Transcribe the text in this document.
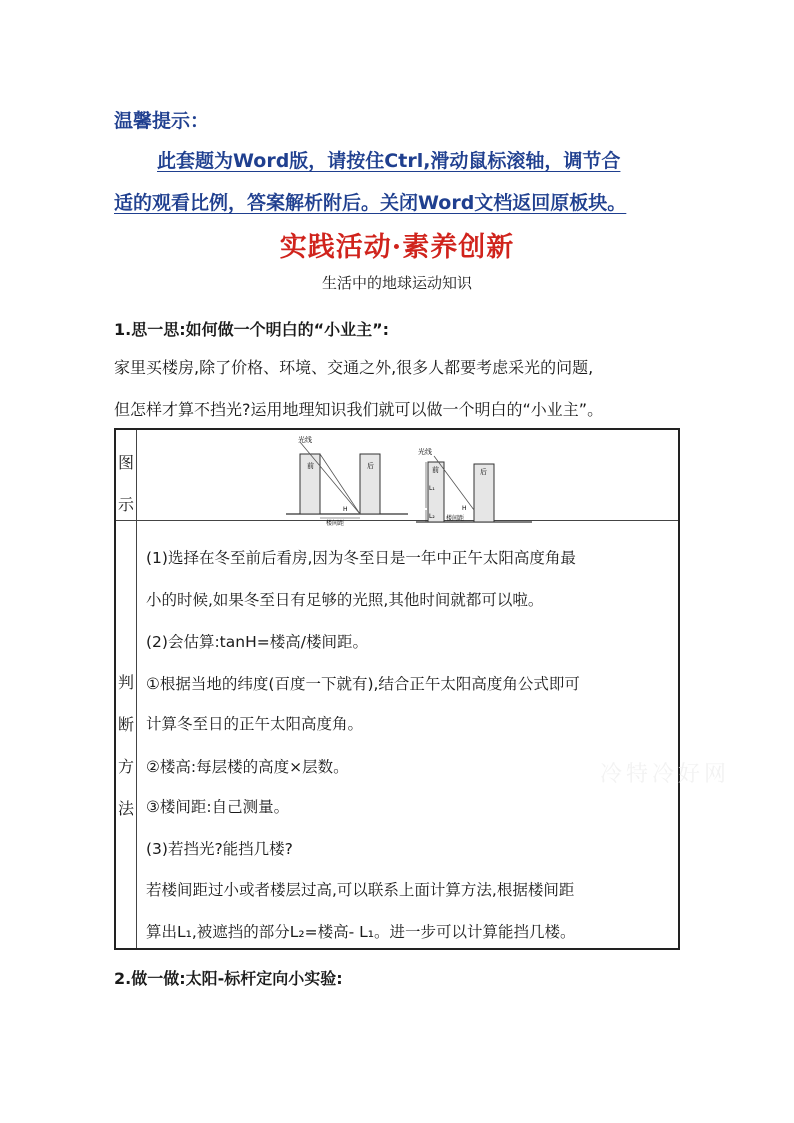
温馨提示：
此套题为Word版，请按住Ctrl,滑动鼠标滚轴，调节合
适的观看比例，答案解析附后。关闭Word文档返回原板块。
实践活动·素养创新
生活中的地球运动知识
1.思一思:如何做一个明白的“小业主”:
家里买楼房,除了价格、环境、交通之外,很多人都要考虑采光的问题,
但怎样才算不挡光?运用地理知识我们就可以做一个明白的“小业主”。
图
示
光线
前	后
H
楼间距
光线
前	后
L₁
L₂
H
楼间距
判
断
方
法
(1)选择在冬至前后看房,因为冬至日是一年中正午太阳高度角最
小的时候,如果冬至日有足够的光照,其他时间就都可以啦。
(2)会估算:tanH=楼高/楼间距。
①根据当地的纬度(百度一下就有),结合正午太阳高度角公式即可
计算冬至日的正午太阳高度角。
②楼高:每层楼的高度×层数。
③楼间距:自己测量。
(3)若挡光?能挡几楼?
若楼间距过小或者楼层过高,可以联系上面计算方法,根据楼间距
算出L₁,被遮挡的部分L₂=楼高- L₁。进一步可以计算能挡几楼。
冷特冷好网
2.做一做:太阳-标杆定向小实验:
